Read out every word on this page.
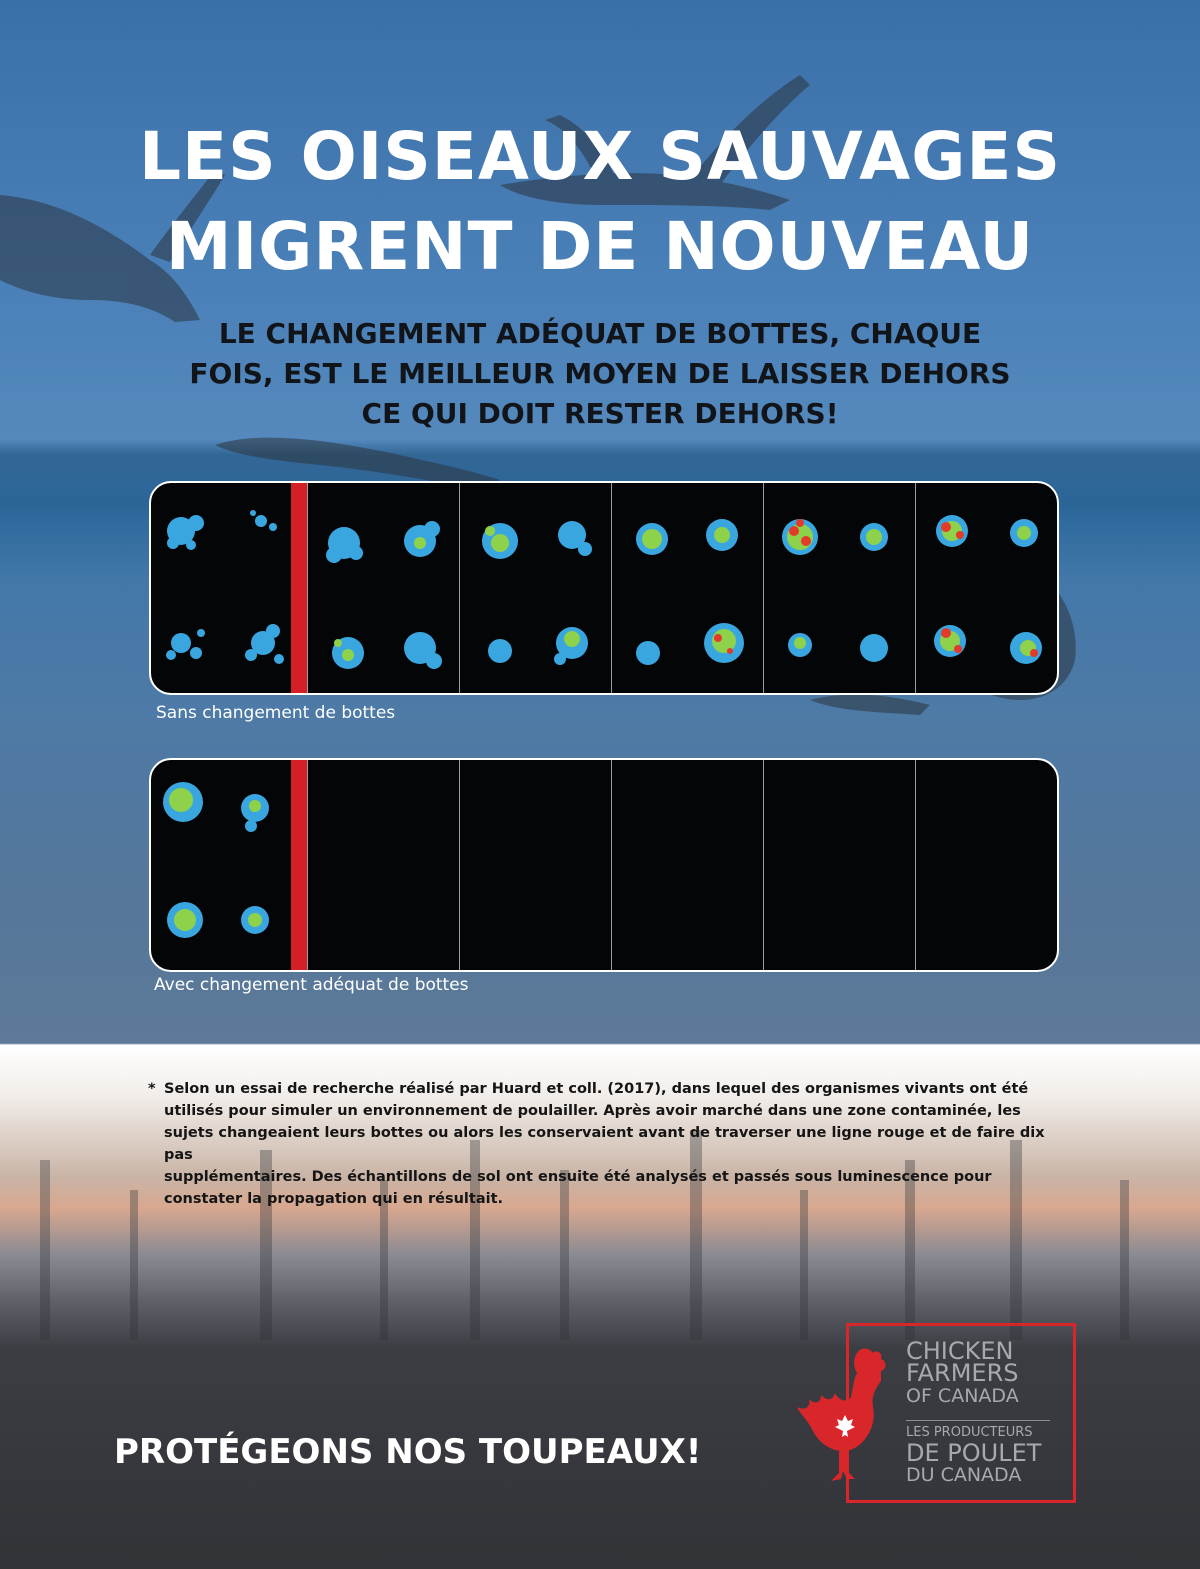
LES OISEAUX SAUVAGES
MIGRENT DE NOUVEAU
LE CHANGEMENT ADÉQUAT DE BOTTES, CHAQUE
FOIS, EST LE MEILLEUR MOYEN DE LAISSER DEHORS
CE QUI DOIT RESTER DEHORS!
Sans changement de bottes
Avec changement adéquat de bottes
* Selon un essai de recherche réalisé par Huard et coll. (2017), dans lequel des organismes vivants ont été
utilisés pour simuler un environnement de poulailler. Après avoir marché dans une zone contaminée, les
sujets changeaient leurs bottes ou alors les conservaient avant de traverser une ligne rouge et de faire dix pas
supplémentaires. Des échantillons de sol ont ensuite été analysés et passés sous luminescence pour
constater la propagation qui en résultait.
PROTÉGEONS NOS TOUPEAUX!
CHICKEN
FARMERS
OF CANADA
LES PRODUCTEURS
DE POULET
DU CANADA
